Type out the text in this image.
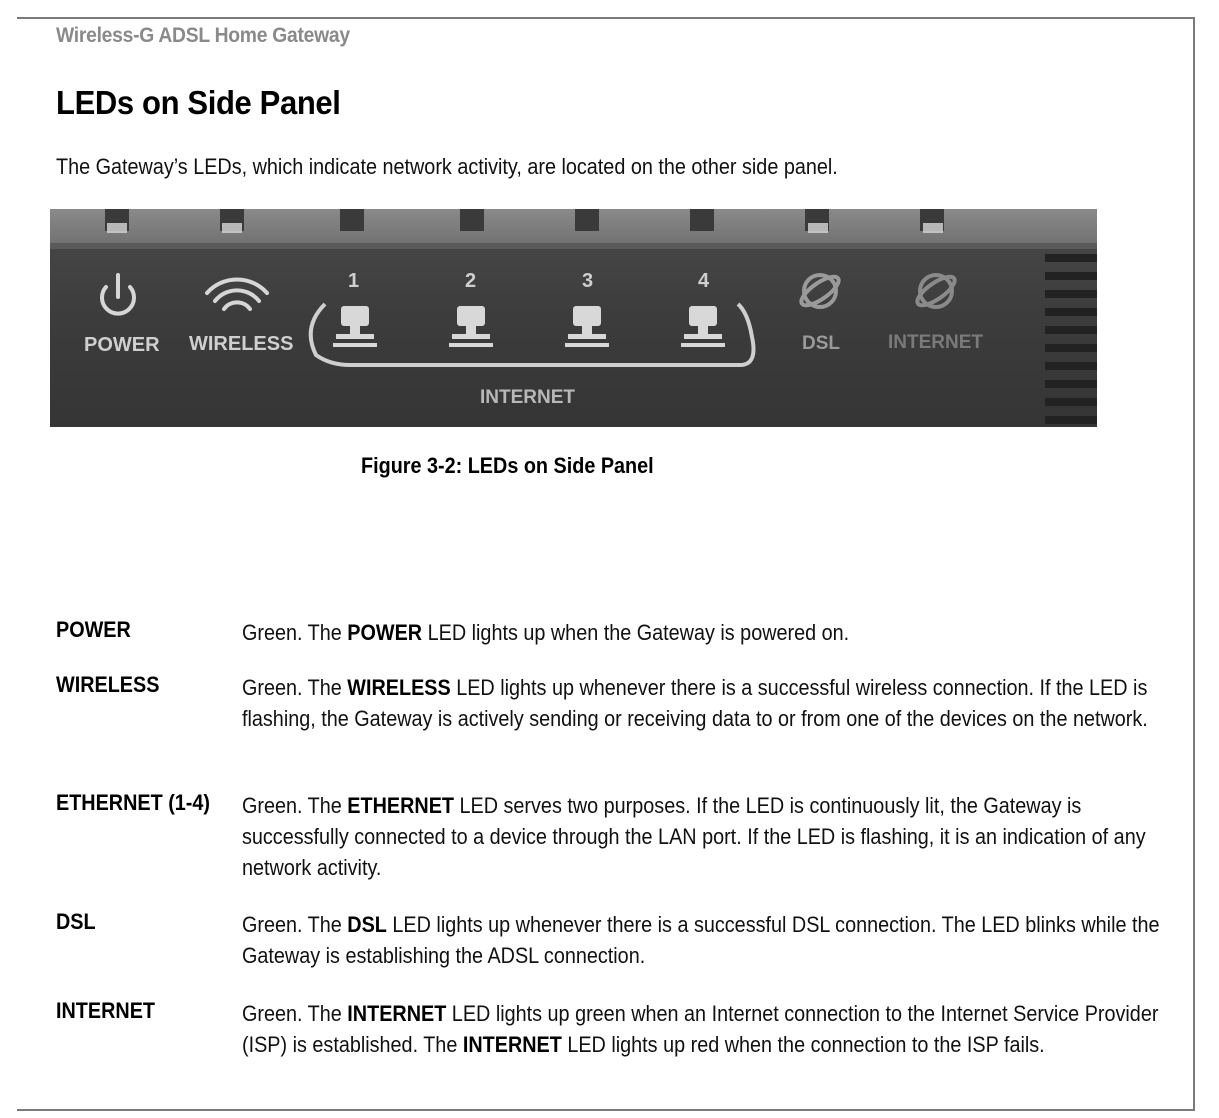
Wireless-G ADSL Home Gateway
LEDs on Side Panel

The Gateway’s LEDs, which indicate network activity, are located on the other side panel.

POWER WIRELESS
1	2	3	4
INTERNET
DSL	INTERNET
Figure 3-2: LEDs on Side Panel
POWER	Green. The POWER LED lights up when the Gateway is powered on.

WIRELESS	Green. The WIRELESS LED lights up whenever there is a successful wireless connection. If the LED is flashing, the Gateway is actively sending or receiving data to or from one of the devices on the network.

ETHERNET (1-4) Green. The ETHERNET LED serves two purposes. If the LED is continuously lit, the Gateway is successfully connected to a device through the LAN port. If the LED is flashing, it is an indication of any network activity.

DSL	Green. The DSL LED lights up whenever there is a successful DSL connection. The LED blinks while the Gateway is establishing the ADSL connection.

INTERNET	Green. The INTERNET LED lights up green when an Internet connection to the Internet Service Provider (ISP) is established. The INTERNET LED lights up red when the connection to the ISP fails.
